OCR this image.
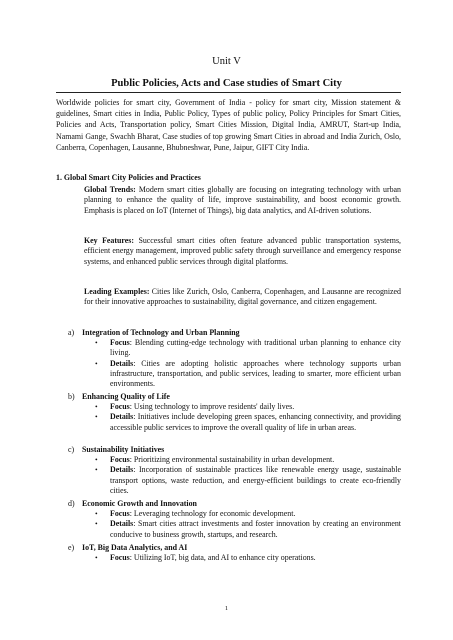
Unit V
Public Policies, Acts and Case studies of Smart City
Worldwide policies for smart city, Government of India - policy for smart city, Mission statement & guidelines, Smart cities in India, Public Policy, Types of public policy, Policy Principles for Smart Cities, Policies and Acts, Transportation policy, Smart Cities Mission, Digital India, AMRUT, Start-up India, Namami Gange, Swachh Bharat, Case studies of top growing Smart Cities in abroad and India Zurich, Oslo, Canberra, Copenhagen, Lausanne, Bhubneshwar, Pune, Jaipur, GIFT City India.
1. Global Smart City Policies and Practices
Global Trends: Modern smart cities globally are focusing on integrating technology with urban planning to enhance the quality of life, improve sustainability, and boost economic growth. Emphasis is placed on IoT (Internet of Things), big data analytics, and AI-driven solutions.
Key Features: Successful smart cities often feature advanced public transportation systems, efficient energy management, improved public safety through surveillance and emergency response systems, and enhanced public services through digital platforms.
Leading Examples: Cities like Zurich, Oslo, Canberra, Copenhagen, and Lausanne are recognized for their innovative approaches to sustainability, digital governance, and citizen engagement.
a) Integration of Technology and Urban Planning
• Focus: Blending cutting-edge technology with traditional urban planning to enhance city living.
• Details: Cities are adopting holistic approaches where technology supports urban infrastructure, transportation, and public services, leading to smarter, more efficient urban environments.
b) Enhancing Quality of Life
• Focus: Using technology to improve residents' daily lives.
• Details: Initiatives include developing green spaces, enhancing connectivity, and providing accessible public services to improve the overall quality of life in urban areas.
c) Sustainability Initiatives
• Focus: Prioritizing environmental sustainability in urban development.
• Details: Incorporation of sustainable practices like renewable energy usage, sustainable transport options, waste reduction, and energy-efficient buildings to create eco-friendly cities.
d) Economic Growth and Innovation
• Focus: Leveraging technology for economic development.
• Details: Smart cities attract investments and foster innovation by creating an environment conducive to business growth, startups, and research.
e) IoT, Big Data Analytics, and AI
• Focus: Utilizing IoT, big data, and AI to enhance city operations.
1
